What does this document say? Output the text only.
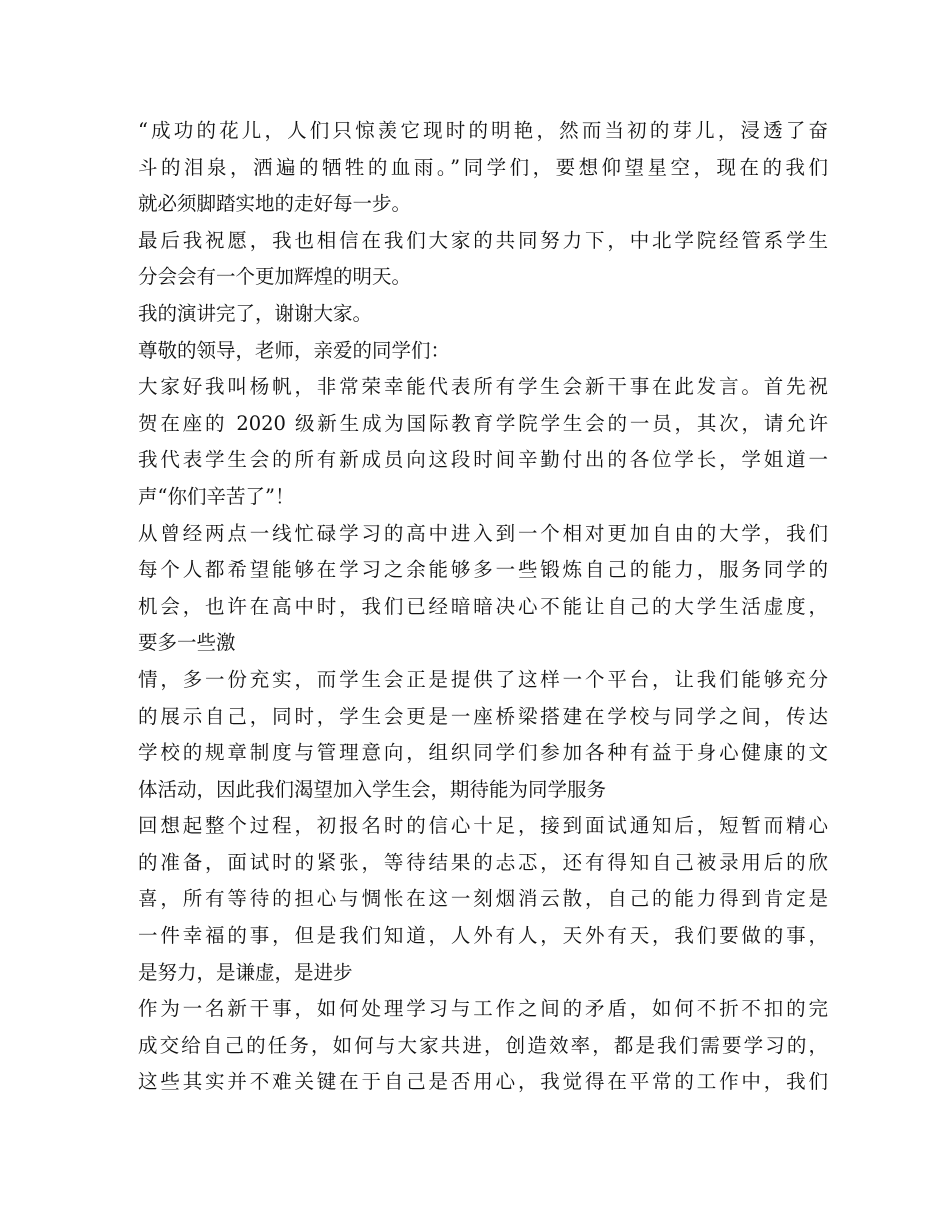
“成功的花儿，人们只惊羡它现时的明艳，然而当初的芽儿，浸透了奋
斗的泪泉，洒遍的牺牲的血雨。”同学们，要想仰望星空，现在的我们
就必须脚踏实地的走好每一步。
最后我祝愿，我也相信在我们大家的共同努力下，中北学院经管系学生
分会会有一个更加辉煌的明天。
我的演讲完了，谢谢大家。
尊敬的领导，老师，亲爱的同学们：
大家好我叫杨帆，非常荣幸能代表所有学生会新干事在此发言。首先祝
贺在座的 2020 级新生成为国际教育学院学生会的一员，其次，请允许
我代表学生会的所有新成员向这段时间辛勤付出的各位学长，学姐道一
声“你们辛苦了”！
从曾经两点一线忙碌学习的高中进入到一个相对更加自由的大学，我们
每个人都希望能够在学习之余能够多一些锻炼自己的能力，服务同学的
机会，也许在高中时，我们已经暗暗决心不能让自己的大学生活虚度，
要多一些激
情，多一份充实，而学生会正是提供了这样一个平台，让我们能够充分
的展示自己，同时，学生会更是一座桥梁搭建在学校与同学之间，传达
学校的规章制度与管理意向，组织同学们参加各种有益于身心健康的文
体活动，因此我们渴望加入学生会，期待能为同学服务
回想起整个过程，初报名时的信心十足，接到面试通知后，短暂而精心
的准备，面试时的紧张，等待结果的忐忑，还有得知自己被录用后的欣
喜，所有等待的担心与惆怅在这一刻烟消云散，自己的能力得到肯定是
一件幸福的事，但是我们知道，人外有人，天外有天，我们要做的事，
是努力，是谦虚，是进步
作为一名新干事，如何处理学习与工作之间的矛盾，如何不折不扣的完
成交给自己的任务，如何与大家共进，创造效率，都是我们需要学习的，
这些其实并不难关键在于自己是否用心，我觉得在平常的工作中，我们
